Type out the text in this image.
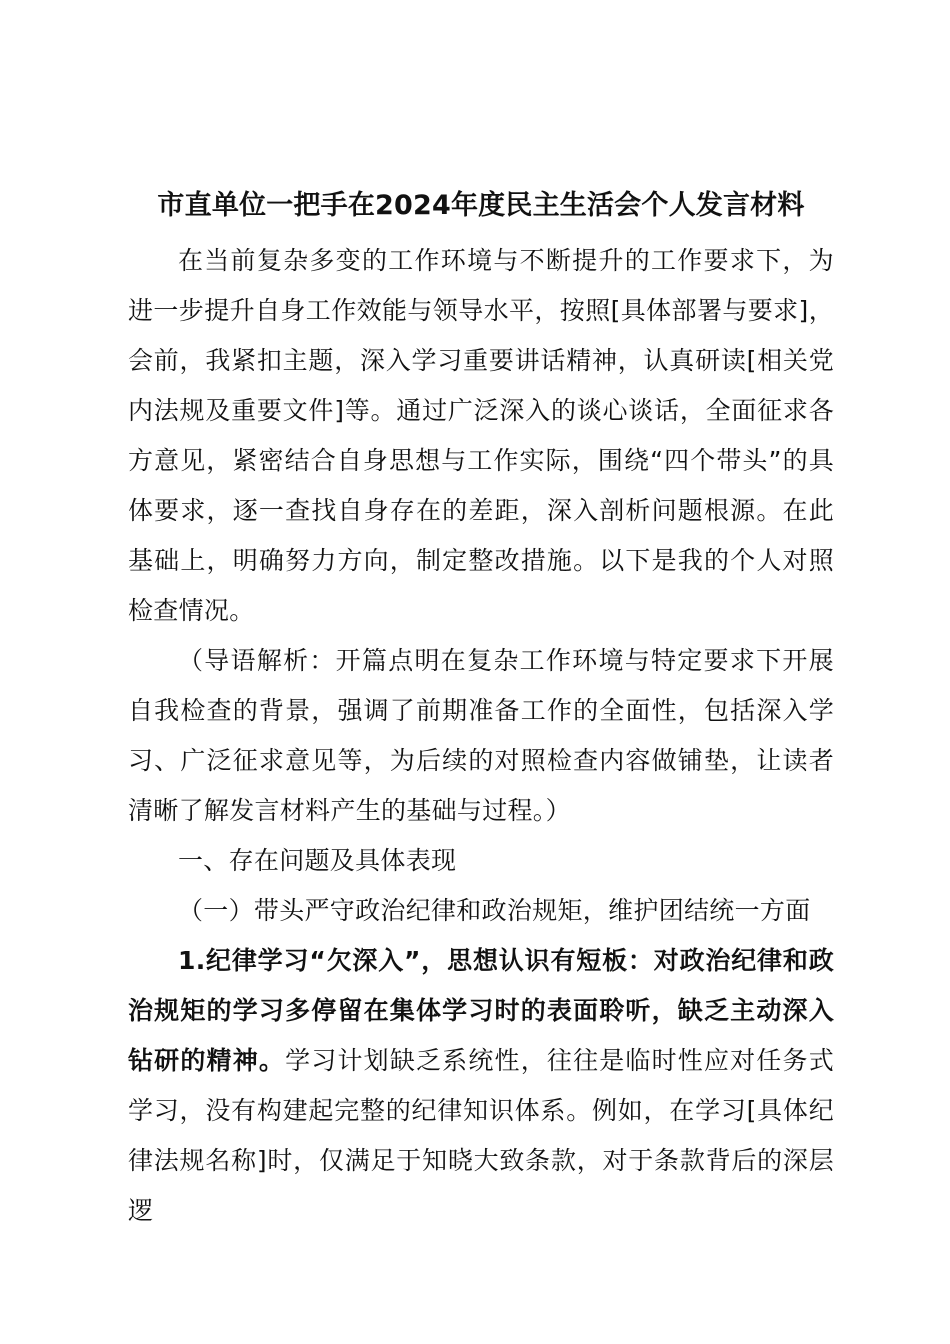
市直单位一把手在2024年度民主生活会个人发言材料

在当前复杂多变的工作环境与不断提升的工作要求下，为进一步提升自身工作效能与领导水平，按照[具体部署与要求]，会前，我紧扣主题，深入学习重要讲话精神，认真研读[相关党内法规及重要文件]等。通过广泛深入的谈心谈话，全面征求各方意见，紧密结合自身思想与工作实际，围绕“四个带头”的具体要求，逐一查找自身存在的差距，深入剖析问题根源。在此基础上，明确努力方向，制定整改措施。以下是我的个人对照检查情况。

（导语解析：开篇点明在复杂工作环境与特定要求下开展自我检查的背景，强调了前期准备工作的全面性，包括深入学习、广泛征求意见等，为后续的对照检查内容做铺垫，让读者清晰了解发言材料产生的基础与过程。）

一、存在问题及具体表现

（一）带头严守政治纪律和政治规矩，维护团结统一方面

1.纪律学习“欠深入”，思想认识有短板：对政治纪律和政治规矩的学习多停留在集体学习时的表面聆听，缺乏主动深入钻研的精神。学习计划缺乏系统性，往往是临时性应对任务式学习，没有构建起完整的纪律知识体系。例如，在学习[具体纪律法规名称]时，仅满足于知晓大致条款，对于条款背后的深层逻
